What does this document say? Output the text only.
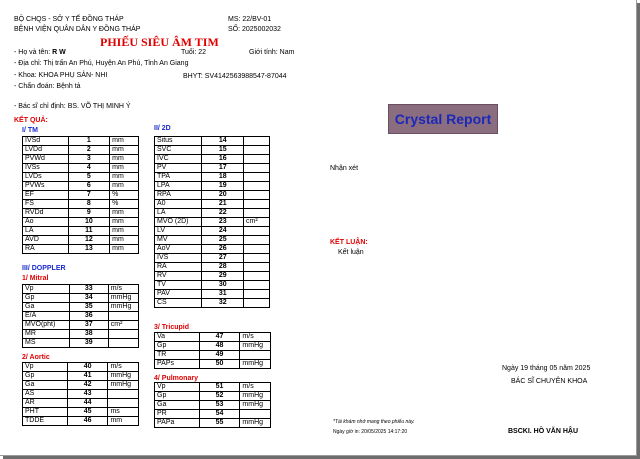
BỘ CHQS - SỞ Y TẾ ĐỒNG THÁP
BỆNH VIỆN QUÂN DÂN Y ĐỒNG THÁP
MS: 22/BV-01
SỐ: 2025002032
PHIẾU SIÊU ÂM TIM
- Họ và tên: R W	Tuổi: 22	Giới tính: Nam
- Địa chỉ: Thị trấn An Phú, Huyện An Phú, Tỉnh An Giang
- Khoa: KHOA PHỤ SẢN- NHI	BHYT: SV4142563988547-87044
- Chẩn đoán: Bệnh tả
- Bác sĩ chỉ định: BS. VÕ THỊ MINH Ý
KẾT QUẢ:
I/ TM	II/ 2D
IVSd	1	mm
LVDd	2	mm
PVWd	3	mm
IVSs	4	mm
LVDs	5	mm
PVWs	6	mm
EF	7	%
FS	8	%
RVDd	9	mm
Ao	10	mm
LA	11	mm
AVD	12	mm
RA	13	mm
III/ DOPPLER
1/ Mitral
Vp	33	m/s
Gp	34	mmHg
Ga	35	mmHg
E/A	36	
MVO(pht)	37	cm²
MR	38	
MS	39	
2/ Aortic
Vp	40	m/s
Gp	41	mmHg
Ga	42	mmHg
AS	43	
AR	44	
PHT	45	ms
TDDE	46	mm
Situs	14	
SVC	15	
IVC	16	
PV	17	
TPA	18	
LPA	19	
RPA	20	
A0	21	
LA	22	
MVO (2D)	23	cm²
LV	24	
MV	25	
AoV	26	
IVS	27	
RA	28	
RV	29	
TV	30	
PAV	31	
CS	32	
3/ Tricupid
Va	47	m/s
Gp	48	mmHg
TR	49	
PAPs	50	mmHg
4/ Pulmonary
Vp	51	m/s
Gp	52	mmHg
Ga	53	mmHg
PR	54	
PAPa	55	mmHg
Crystal Report
Nhận xét
KẾT LUẬN:
Kết luận
Ngày 19 tháng 05 năm 2025
BÁC SĨ CHUYÊN KHOA
*Tái khám nhớ mang theo phiếu này.
Ngày giờ in: 20/05/2025 14:17:20	BSCKI. HỒ VĂN HẬU
